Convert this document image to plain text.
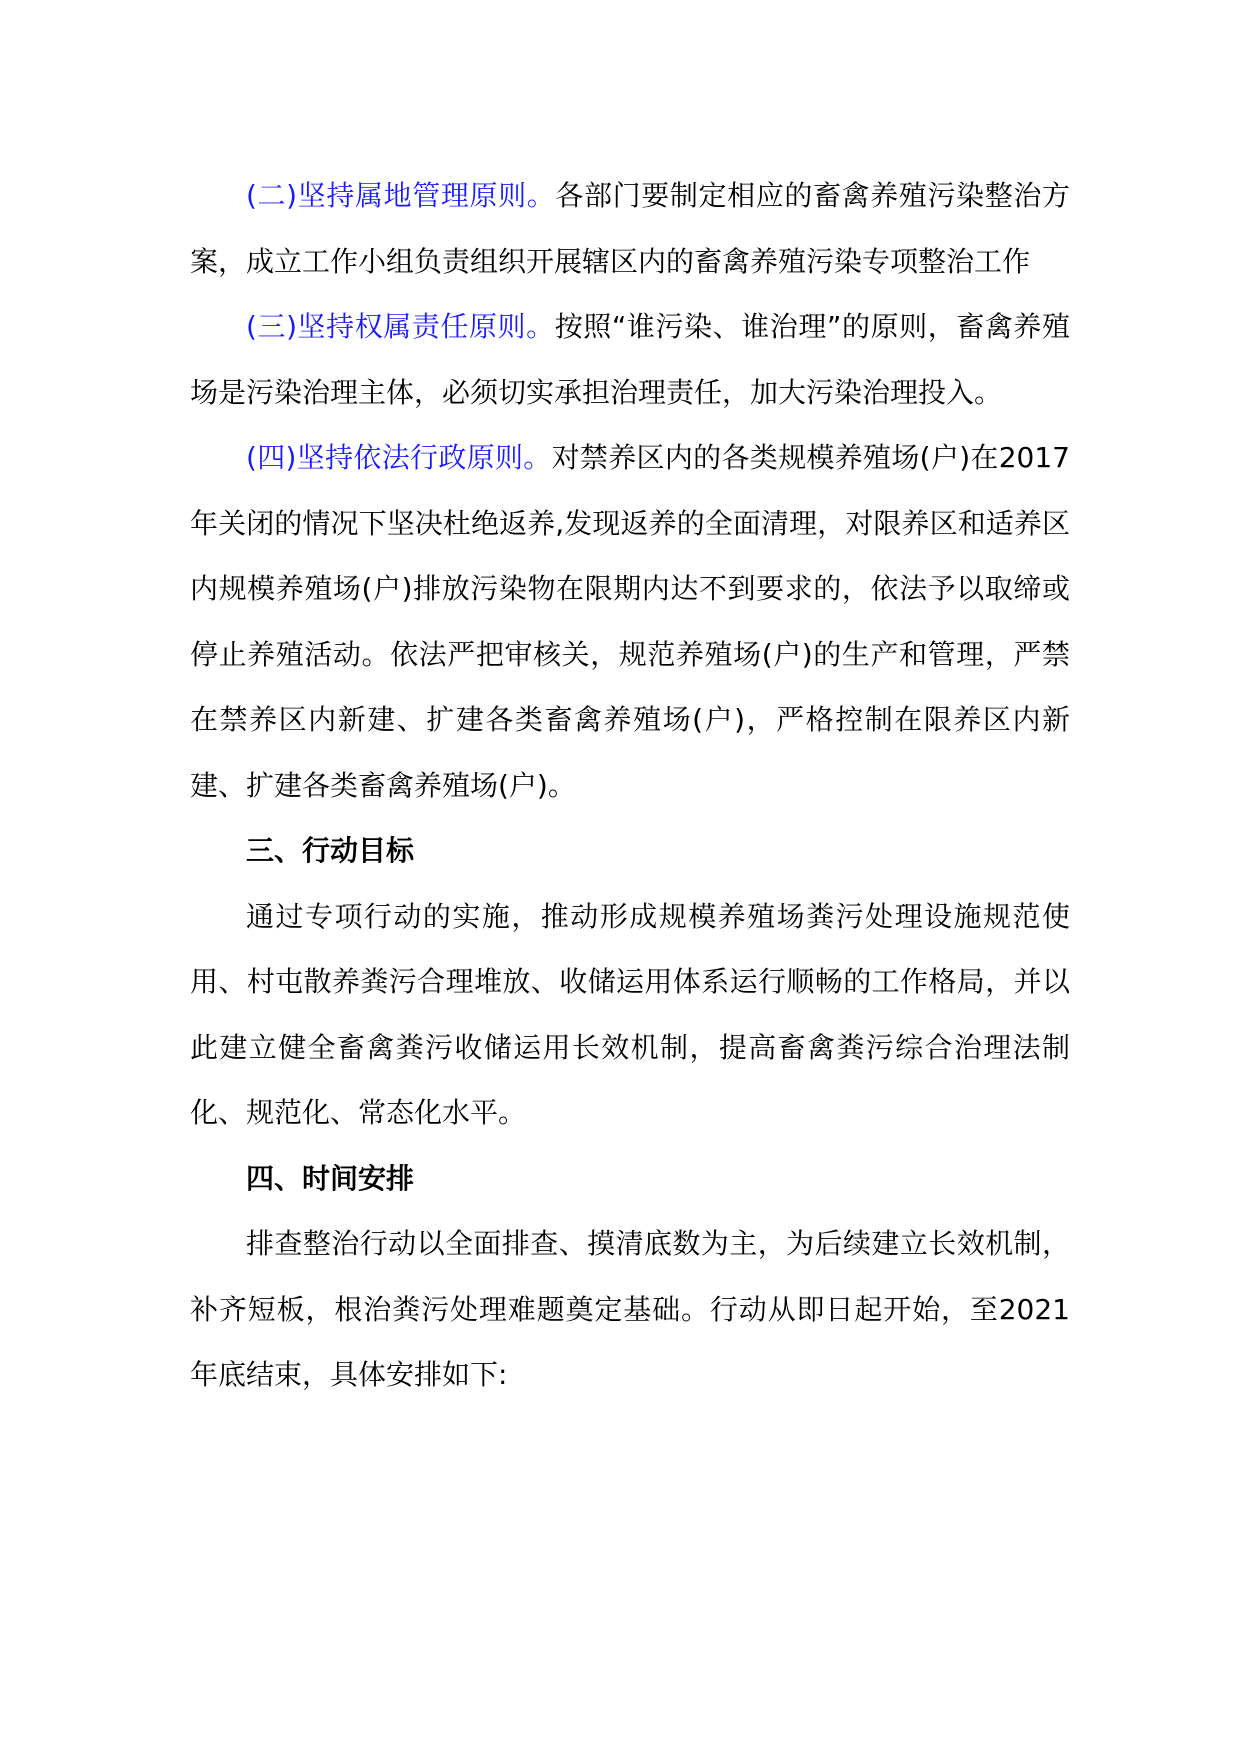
(二)坚持属地管理原则。各部门要制定相应的畜禽养殖污染整治方案，成立工作小组负责组织开展辖区内的畜禽养殖污染专项整治工作

(三)坚持权属责任原则。按照“谁污染、谁治理”的原则，畜禽养殖场是污染治理主体，必须切实承担治理责任，加大污染治理投入。

(四)坚持依法行政原则。对禁养区内的各类规模养殖场(户)在2017 年关闭的情况下坚决杜绝返养,发现返养的全面清理，对限养区和适养区内规模养殖场(户)排放污染物在限期内达不到要求的，依法予以取缔或停止养殖活动。依法严把审核关，规范养殖场(户)的生产和管理，严禁在禁养区内新建、扩建各类畜禽养殖场(户)，严格控制在限养区内新建、扩建各类畜禽养殖场(户)。

三、行动目标

通过专项行动的实施，推动形成规模养殖场粪污处理设施规范使用、村屯散养粪污合理堆放、收储运用体系运行顺畅的工作格局，并以此建立健全畜禽粪污收储运用长效机制，提高畜禽粪污综合治理法制化、规范化、常态化水平。

四、时间安排

排查整治行动以全面排查、摸清底数为主，为后续建立长效机制，补齐短板，根治粪污处理难题奠定基础。行动从即日起开始，至2021 年底结束，具体安排如下:
